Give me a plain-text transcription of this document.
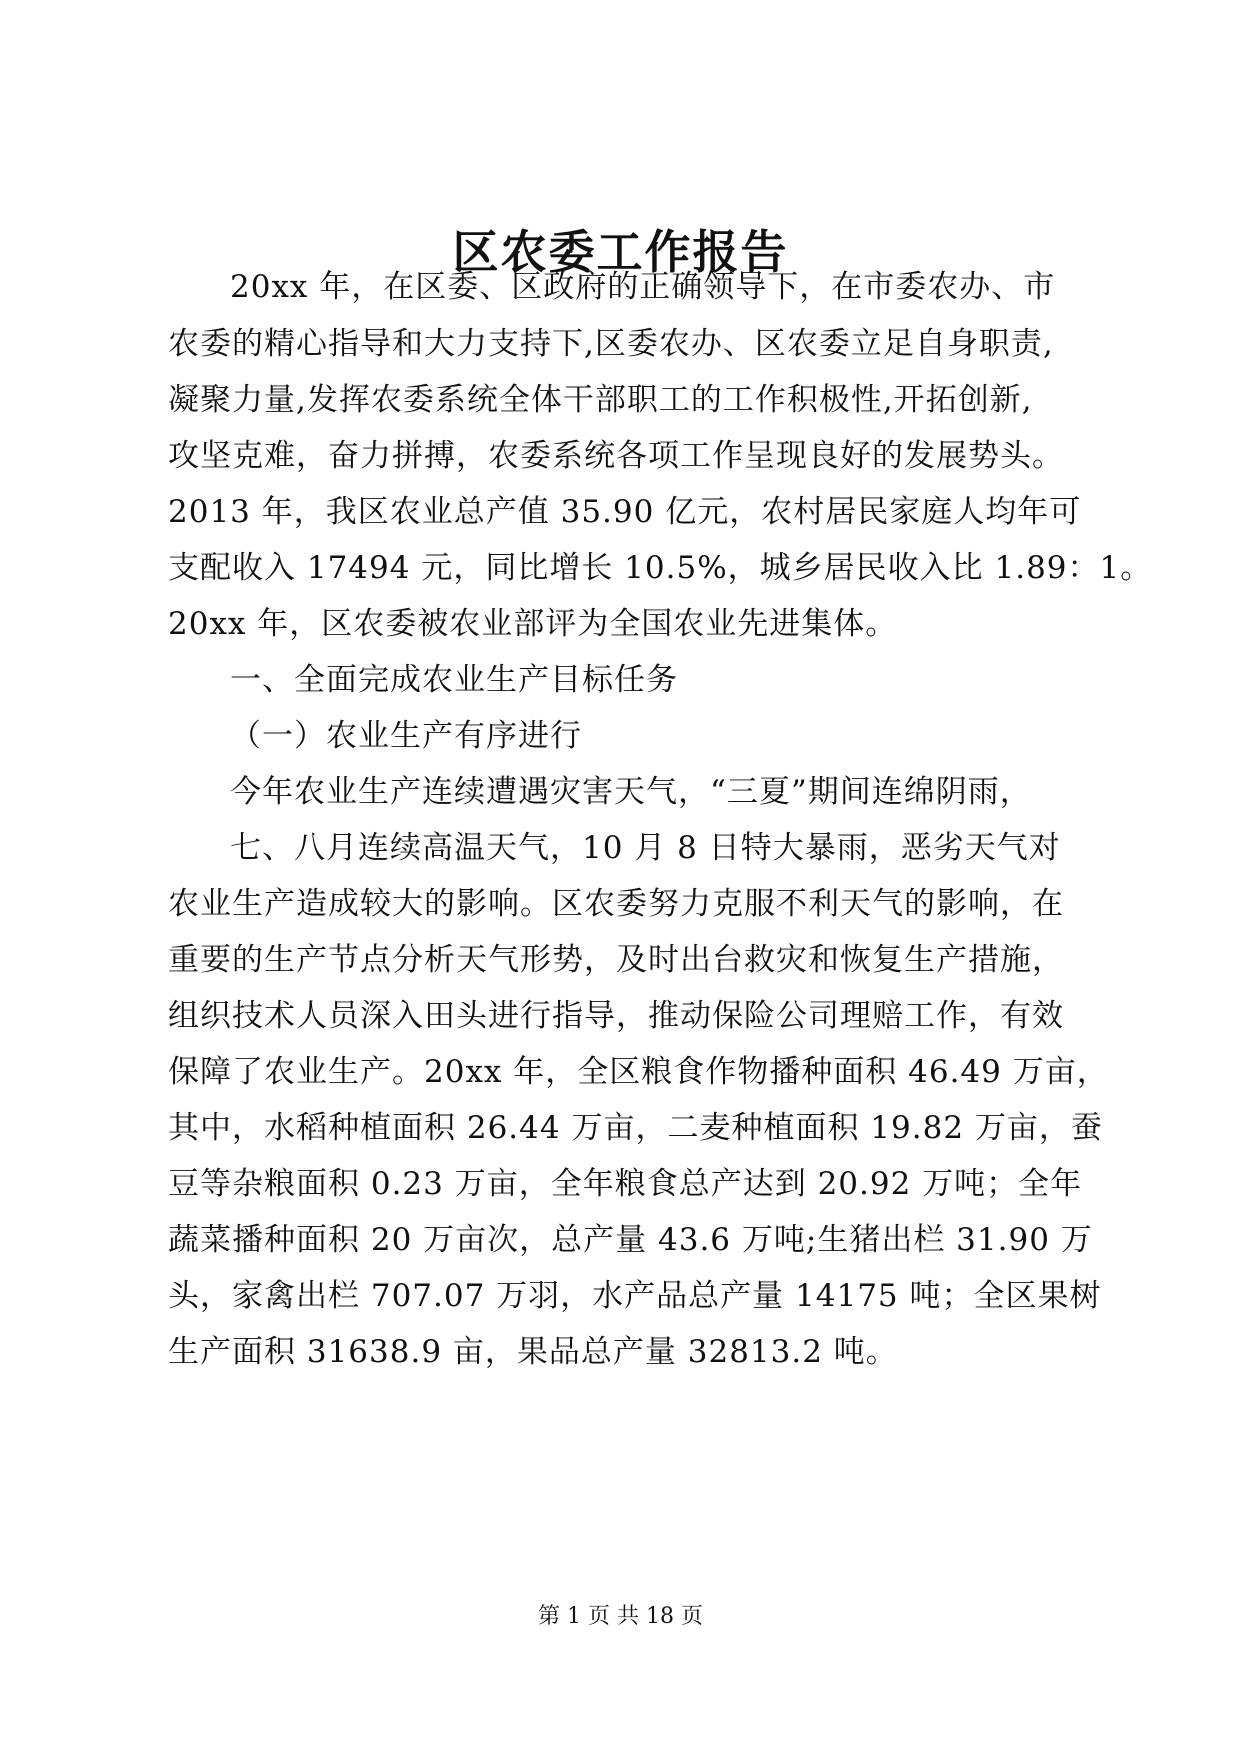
区农委工作报告
20xx 年，在区委、区政府的正确领导下，在市委农办、市
农委的精心指导和大力支持下,区委农办、区农委立足自身职责,
凝聚力量,发挥农委系统全体干部职工的工作积极性,开拓创新,
攻坚克难，奋力拼搏，农委系统各项工作呈现良好的发展势头。
2013 年，我区农业总产值 35.90 亿元，农村居民家庭人均年可
支配收入 17494 元，同比增长 10.5%，城乡居民收入比 1.89：1。
20xx 年，区农委被农业部评为全国农业先进集体。
一、全面完成农业生产目标任务
（一）农业生产有序进行
今年农业生产连续遭遇灾害天气，“三夏”期间连绵阴雨，
七、八月连续高温天气，10 月 8 日特大暴雨，恶劣天气对
农业生产造成较大的影响。区农委努力克服不利天气的影响，在
重要的生产节点分析天气形势，及时出台救灾和恢复生产措施，
组织技术人员深入田头进行指导，推动保险公司理赔工作，有效
保障了农业生产。20xx 年，全区粮食作物播种面积 46.49 万亩，
其中，水稻种植面积 26.44 万亩，二麦种植面积 19.82 万亩，蚕
豆等杂粮面积 0.23 万亩，全年粮食总产达到 20.92 万吨；全年
蔬菜播种面积 20 万亩次，总产量 43.6 万吨;生猪出栏 31.90 万
头，家禽出栏 707.07 万羽，水产品总产量 14175 吨；全区果树
生产面积 31638.9 亩，果品总产量 32813.2 吨。
第 1 页 共 18 页
